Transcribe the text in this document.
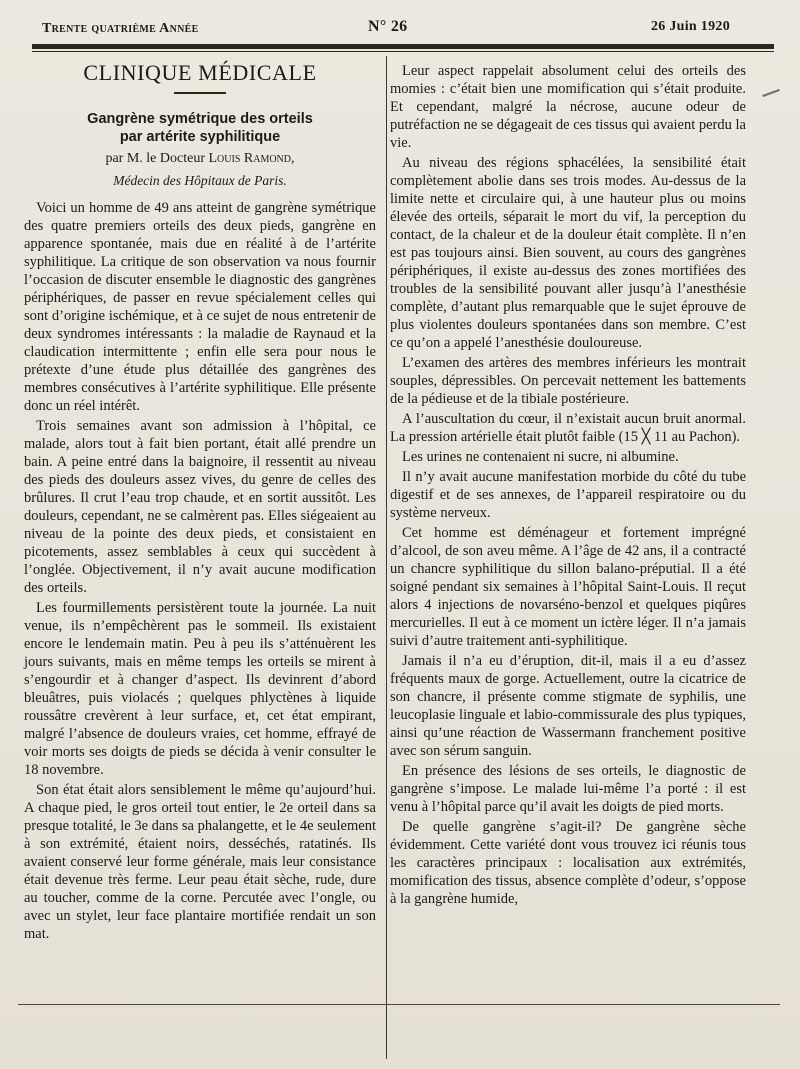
Trente quatrième Année	N° 26	26 Juin 1920
CLINIQUE MÉDICALE
Gangrène symétrique des orteils
par artérite syphilitique
par M. le Docteur Louis Ramond,
Médecin des Hôpitaux de Paris.

Voici un homme de 49 ans atteint de gangrène symétrique des quatre premiers orteils des deux pieds, gangrène en apparence spontanée, mais due en réalité à de l’artérite syphilitique. La critique de son observation va nous fournir l’occasion de discuter ensemble le diagnostic des gangrènes périphériques, de passer en revue spécialement celles qui sont d’origine ischémique, et à ce sujet de nous entretenir de deux syndromes intéressants : la maladie de Raynaud et la claudication intermittente ; enfin elle sera pour nous le prétexte d’une étude plus détaillée des gangrènes des membres consécutives à l’artérite syphilitique. Elle présente donc un réel intérêt.

Trois semaines avant son admission à l’hôpital, ce malade, alors tout à fait bien portant, était allé prendre un bain. A peine entré dans la baignoire, il ressentit au niveau des pieds des douleurs assez vives, du genre de celles des brûlures. Il crut l’eau trop chaude, et en sortit aussitôt. Les douleurs, cependant, ne se calmèrent pas. Elles siégeaient au niveau de la pointe des deux pieds, et consistaient en picotements, assez semblables à ceux qui succèdent à l’onglée. Objectivement, il n’y avait aucune modification des orteils.

Les fourmillements persistèrent toute la journée. La nuit venue, ils n’empêchèrent pas le sommeil. Ils existaient encore le lendemain matin. Peu à peu ils s’atténuèrent les jours suivants, mais en même temps les orteils se mirent à s’engourdir et à changer d’aspect. Ils devinrent d’abord bleuâtres, puis violacés ; quelques phlyctènes à liquide roussâtre crevèrent à leur surface, et, cet état empirant, malgré l’absence de douleurs vraies, cet homme, effrayé de voir morts ses doigts de pieds se décida à venir consulter le 18 novembre.

Son état était alors sensiblement le même qu’aujourd’hui. A chaque pied, le gros orteil tout entier, le 2e orteil dans sa presque totalité, le 3e dans sa phalangette, et le 4e seulement à son extrémité, étaient noirs, desséchés, ratatinés. Ils avaient conservé leur forme générale, mais leur consistance était devenue très ferme. Leur peau était sèche, rude, dure au toucher, comme de la corne. Percutée avec l’ongle, ou avec un stylet, leur face plantaire mortifiée rendait un son mat.

Leur aspect rappelait absolument celui des orteils des momies : c’était bien une momification qui s’était produite. Et cependant, malgré la nécrose, aucune odeur de putréfaction ne se dégageait de ces tissus qui avaient perdu la vie.

Au niveau des régions sphacélées, la sensibilité était complètement abolie dans ses trois modes. Au-dessus de la limite nette et circulaire qui, à une hauteur plus ou moins élevée des orteils, séparait le mort du vif, la perception du contact, de la chaleur et de la douleur était complète. Il n’en est pas toujours ainsi. Bien souvent, au cours des gangrènes périphériques, il existe au-dessus des zones mortifiées des troubles de la sensibilité pouvant aller jusqu’à l’anesthésie complète, d’autant plus remarquable que le sujet éprouve de plus violentes douleurs spontanées dans son membre. C’est ce qu’on a appelé l’anesthésie douloureuse.

L’examen des artères des membres inférieurs les montrait souples, dépressibles. On percevait nettement les battements de la pédieuse et de la tibiale postérieure.

A l’auscultation du cœur, il n’existait aucun bruit anormal. La pression artérielle était plutôt faible (15 ╳ 11 au Pachon).

Les urines ne contenaient ni sucre, ni albumine.

Il n’y avait aucune manifestation morbide du côté du tube digestif et de ses annexes, de l’appareil respiratoire ou du système nerveux.

Cet homme est déménageur et fortement imprégné d’alcool, de son aveu même. A l’âge de 42 ans, il a contracté un chancre syphilitique du sillon balano-préputial. Il a été soigné pendant six semaines à l’hôpital Saint-Louis. Il reçut alors 4 injections de novarséno-benzol et quelques piqûres mercurielles. Il eut à ce moment un ictère léger. Il n’a jamais suivi d’autre traitement anti-syphilitique.

Jamais il n’a eu d’éruption, dit-il, mais il a eu d’assez fréquents maux de gorge. Actuellement, outre la cicatrice de son chancre, il présente comme stigmate de syphilis, une leucoplasie linguale et labio-commissurale des plus typiques, ainsi qu’une réaction de Wassermann franchement positive avec son sérum sanguin.

En présence des lésions de ses orteils, le diagnostic de gangrène s’impose. Le malade lui-même l’a porté : il est venu à l’hôpital parce qu’il avait les doigts de pied morts.

De quelle gangrène s’agit-il? De gangrène sèche évidemment. Cette variété dont vous trouvez ici réunis tous les caractères principaux : localisation aux extrémités, momification des tissus, absence complète d’odeur, s’oppose à la gangrène humide,
